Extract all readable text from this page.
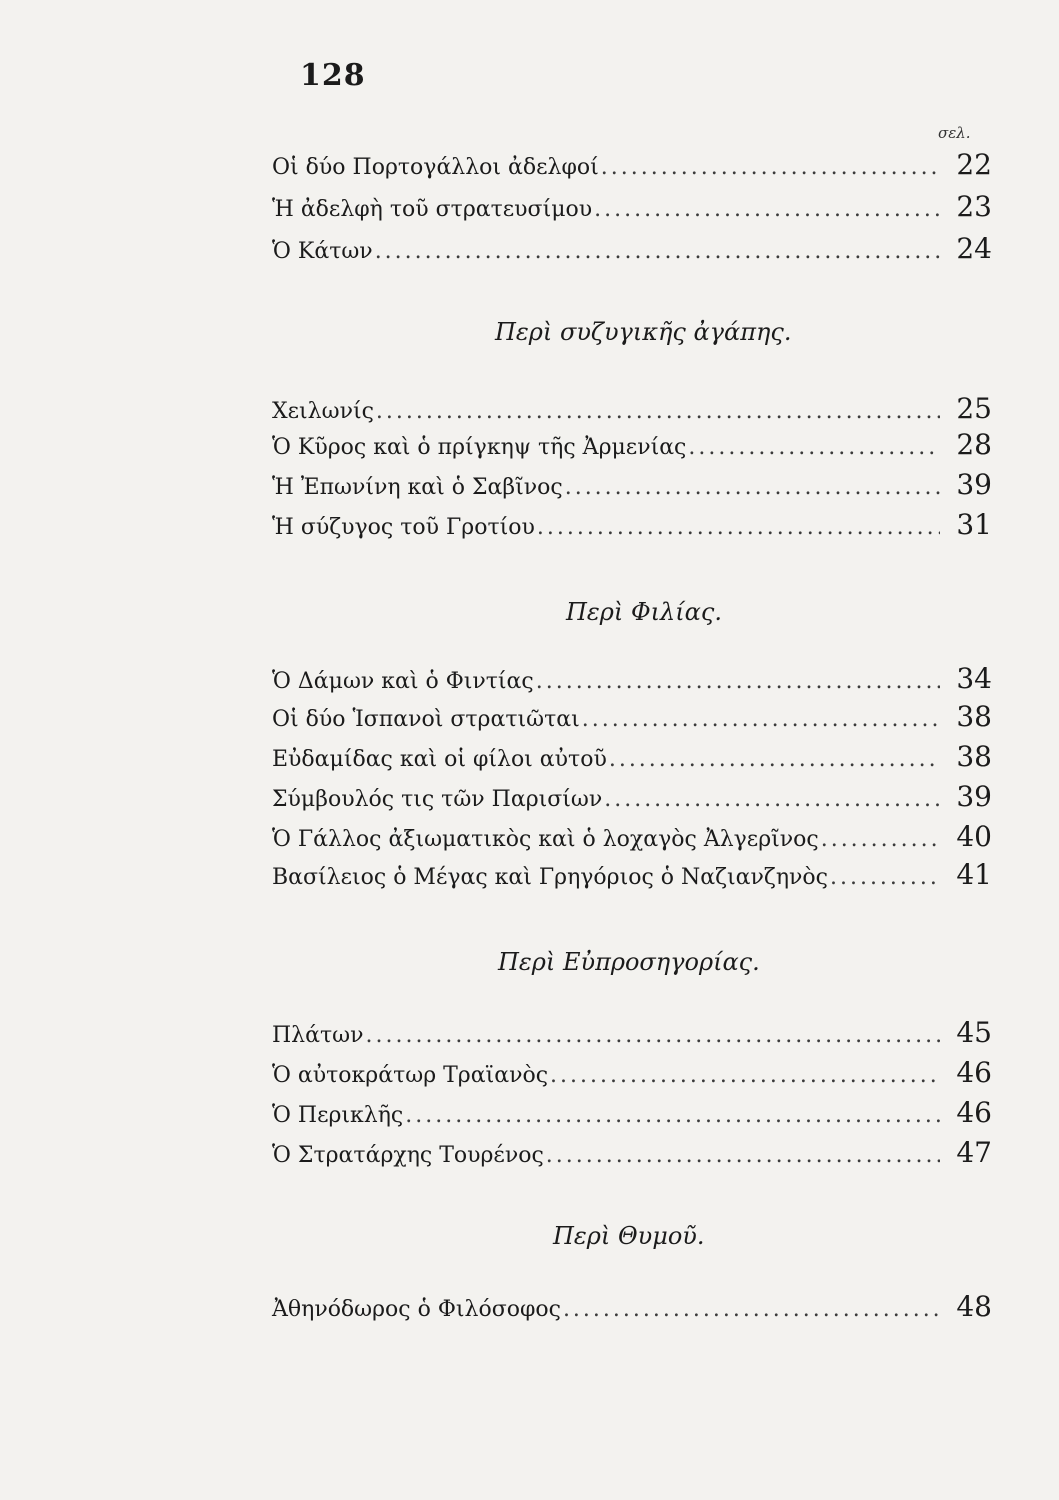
128
σελ.
Οἱ δύο Πορτογάλλοι ἀδελφοί .....	22
Ἡ ἀδελφὴ τοῦ στρατευσίμου .....	23
Ὁ Κάτων .....	24
Περὶ συζυγικῆς ἀγάπης.
Χειλωνίς .....	25
Ὁ Κῦρος καὶ ὁ πρίγκηψ τῆς Ἀρμενίας .....	28
Ἡ Ἐπωνίνη καὶ ὁ Σαβῖνος .....	39
Ἡ σύζυγος τοῦ Γροτίου .....	31
Περὶ Φιλίας.
Ὁ Δάμων καὶ ὁ Φιντίας .....	34
Οἱ δύο Ἱσπανοὶ στρατιῶται .....	38
Εὐδαμίδας καὶ οἱ φίλοι αὐτοῦ .....	38
Σύμβουλός τις τῶν Παρισίων .....	39
Ὁ Γάλλος ἀξιωματικὸς καὶ ὁ λοχαγὸς Ἀλγερῖνος .....	40
Βασίλειος ὁ Μέγας καὶ Γρηγόριος ὁ Ναζιανζηνὸς .....	41
Περὶ Εὐπροσηγορίας.
Πλάτων .....	45
Ὁ αὐτοκράτωρ Τραϊανὸς .....	46
Ὁ Περικλῆς .....	46
Ὁ Στρατάρχης Τουρένος .....	47
Περὶ Θυμοῦ.
Ἀθηνόδωρος ὁ Φιλόσοφος .....	48
